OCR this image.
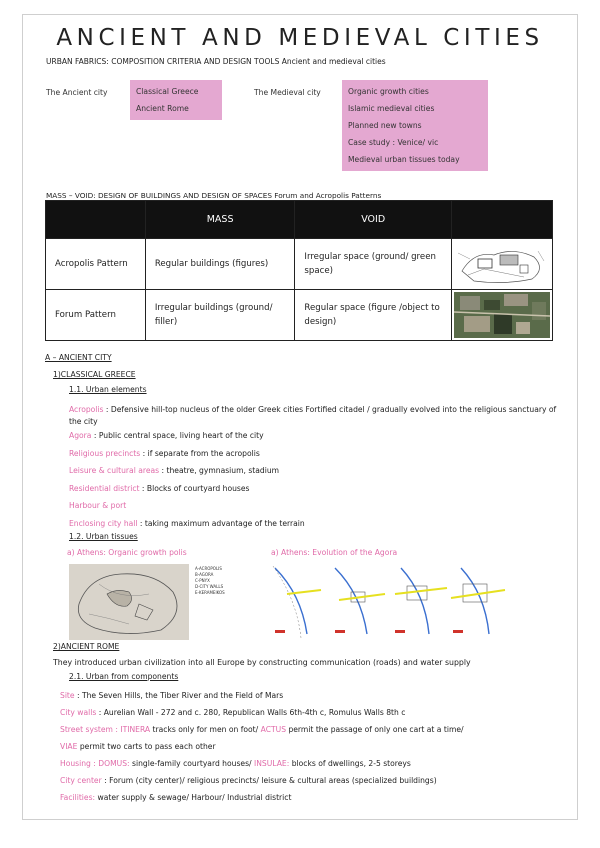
ANCIENT AND MEDIEVAL CITIES
URBAN FABRICS: COMPOSITION CRITERIA AND DESIGN TOOLS Ancient and medieval cities
The Ancient city	Classical Greece
Ancient Rome
The Medieval city	Organic growth cities
Islamic medieval cities
Planned new towns
Case study : Venice/ vic
Medieval urban tissues today
MASS – VOID: DESIGN OF BUILDINGS AND DESIGN OF SPACES Forum and Acropolis Patterns
	MASS	VOID	
Acropolis Pattern	Regular buildings (figures)	Irregular space (ground/ green space)	

Forum Pattern	Irregular buildings (ground/ filler)	Regular space (figure /object to design)	
A – ANCIENT CITY
1)CLASSICAL GREECE
1.1. Urban elements
Acropolis : Defensive hill-top nucleus of the older Greek cities Fortified citadel / gradually evolved into the religious sanctuary of the city
Agora : Public central space, living heart of the city
Religious precincts : if separate from the acropolis
Leisure & cultural areas : theatre, gymnasium, stadium
Residential district : Blocks of courtyard houses
Harbour & port
Enclosing city hall : taking maximum advantage of the terrain
1.2. Urban tissues
a) Athens: Organic growth polis	a) Athens: Evolution of the Agora
A-ACROPOLIS
B-AGORA
C-PNYX
D-CITY WALLS
E-KERAMEIKOS
2)ANCIENT ROME
They introduced urban civilization into all Europe by constructing communication (roads) and water supply
2.1. Urban from components
Site : The Seven Hills, the Tiber River and the Field of Mars
City walls : Aurelian Wall - 272 and c. 280, Republican Walls 6th-4th c, Romulus Walls 8th c
Street system : ITINERA tracks only for men on foot/ ACTUS permit the passage of only one cart at a time/
VIAE permit two carts to pass each other
Housing : DOMUS: single-family courtyard houses/ INSULAE: blocks of dwellings, 2-5 storeys
City center : Forum (city center)/ religious precincts/ leisure & cultural areas (specialized buildings)
Facilities: water supply & sewage/ Harbour/ Industrial district
